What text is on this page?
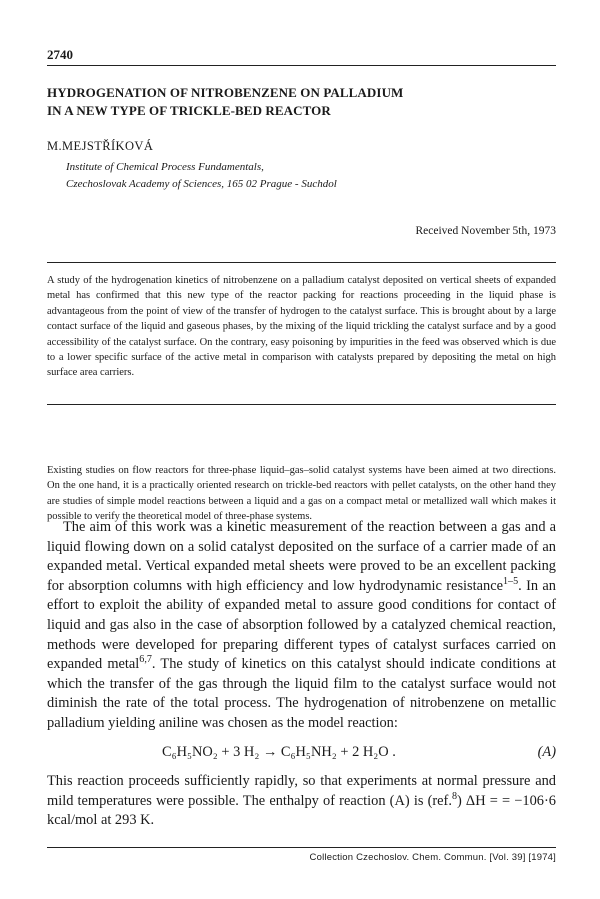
2740
HYDROGENATION OF NITROBENZENE ON PALLADIUM
IN A NEW TYPE OF TRICKLE-BED REACTOR
M.MEJSTŘÍKOVÁ
Institute of Chemical Process Fundamentals,
Czechoslovak Academy of Sciences, 165 02 Prague - Suchdol
Received November 5th, 1973
A study of the hydrogenation kinetics of nitrobenzene on a palladium catalyst deposited on vertical sheets of expanded metal has confirmed that this new type of the reactor packing for reactions proceeding in the liquid phase is advantageous from the point of view of the transfer of hydrogen to the catalyst surface. This is brought about by a large contact surface of the liquid and gaseous phases, by the mixing of the liquid trickling the catalyst surface and by a good accessibility of the catalyst surface. On the contrary, easy poisoning by impurities in the feed was observed which is due to a lower specific surface of the active metal in comparison with catalysts prepared by depositing the metal on high surface area carriers.
Existing studies on flow reactors for three-phase liquid–gas–solid catalyst systems have been aimed at two directions. On the one hand, it is a practically oriented research on trickle-bed reactors with pellet catalysts, on the other hand they are studies of simple model reactions between a liquid and a gas on a compact metal or metallized wall which makes it possible to verify the theoretical model of three-phase systems.
The aim of this work was a kinetic measurement of the reaction between a gas and a liquid flowing down on a solid catalyst deposited on the surface of a carrier made of an expanded metal. Vertical expanded metal sheets were proved to be an excellent packing for absorption columns with high efficiency and low hydrodynamic resistance$^{1-5}$. In an effort to exploit the ability of expanded metal to assure good conditions for contact of liquid and gas also in the case of absorption followed by a catalyzed chemical reaction, methods were developed for preparing different types of catalyst surfaces carried on expanded metal$^{6,7}$. The study of kinetics on this catalyst should indicate conditions at which the transfer of the gas through the liquid film to the catalyst surface would not diminish the rate of the total process. The hydrogenation of nitrobenzene on metallic palladium yielding aniline was chosen as the model reaction:
C₆H₅NO₂ + 3 H₂ → C₆H₅NH₂ + 2 H₂O .	(A)
This reaction proceeds sufficiently rapidly, so that experiments at normal pressure and mild temperatures were possible. The enthalpy of reaction (A) is (ref.$^8$) ΔH = = −106·6 kcal/mol at 293 K.
Collection Czechoslov. Chem. Commun. [Vol. 39] [1974]
